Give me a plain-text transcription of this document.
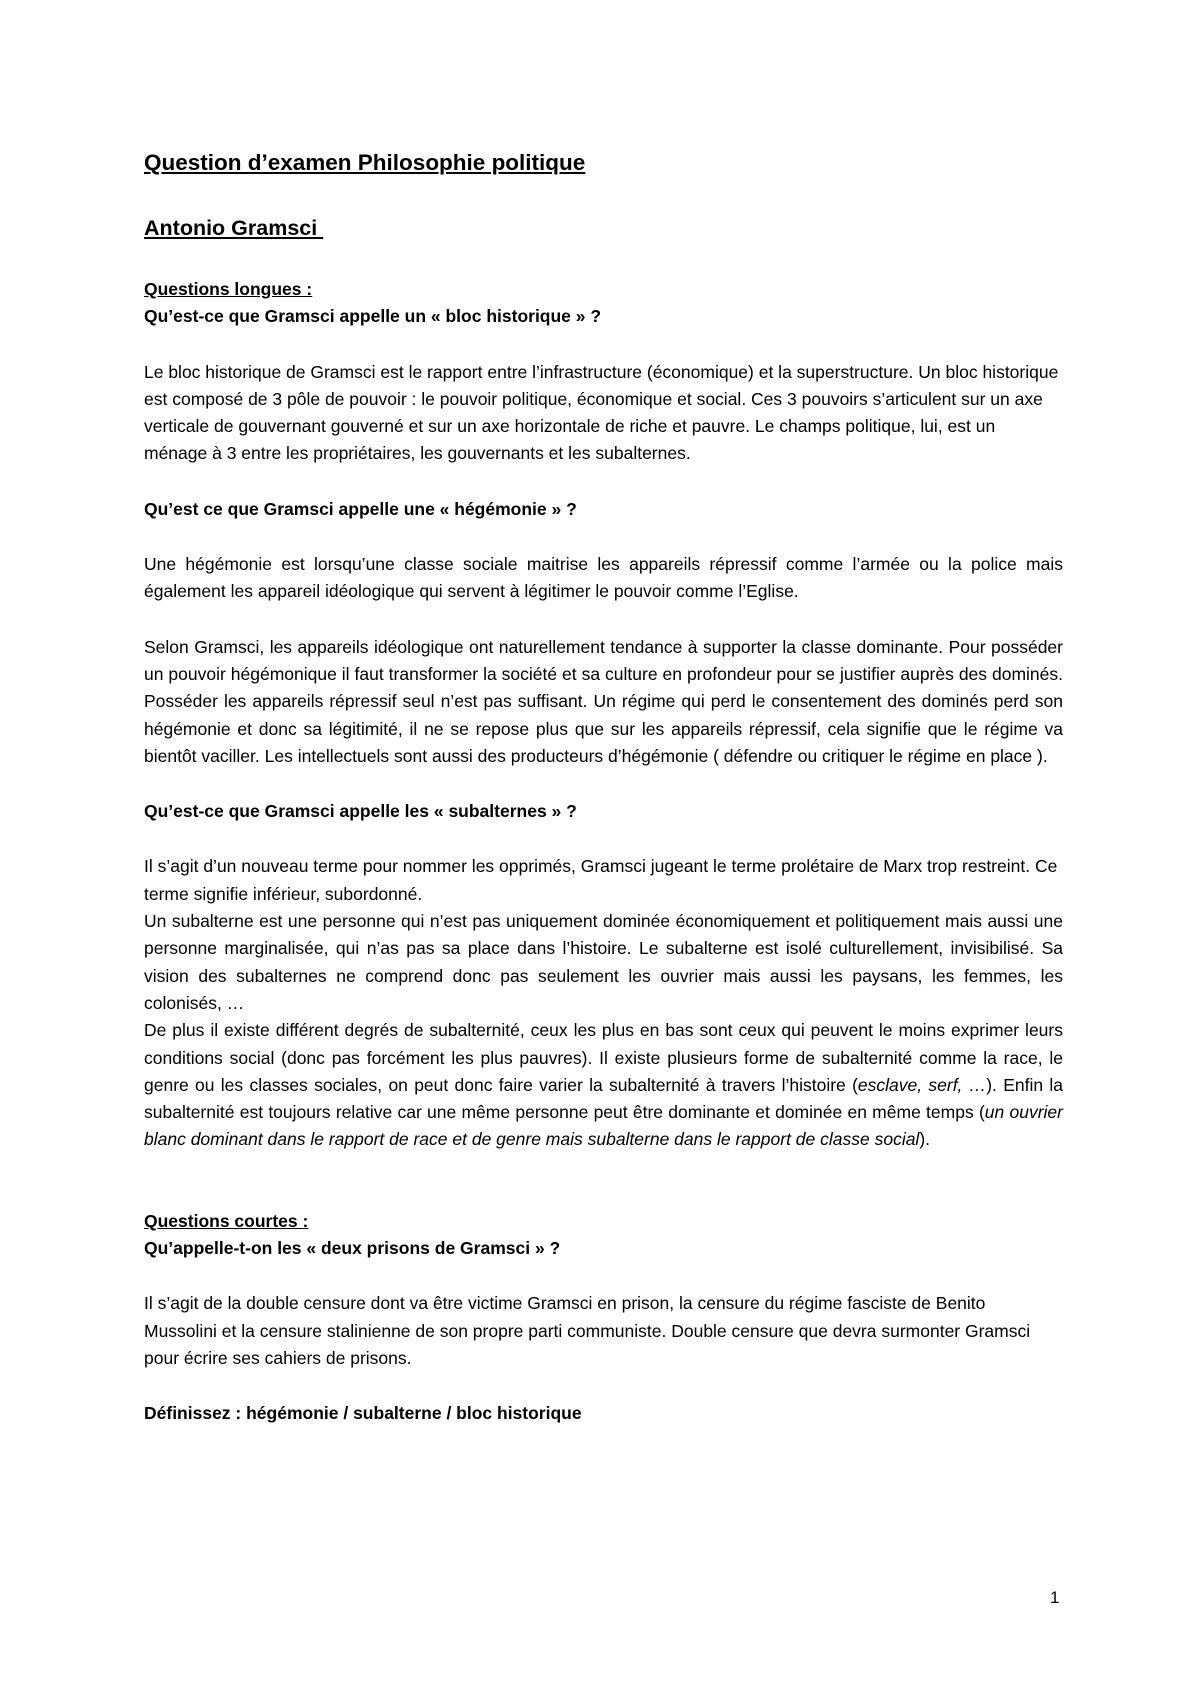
Question d’examen Philosophie politique
Antonio Gramsci

Questions longues :

Qu’est-ce que Gramsci appelle un « bloc historique » ?

Le bloc historique de Gramsci est le rapport entre l’infrastructure (économique) et la superstructure. Un bloc historique est composé de 3 pôle de pouvoir : le pouvoir politique, économique et social. Ces 3 pouvoirs s’articulent sur un axe verticale de gouvernant gouverné et sur un axe horizontale de riche et pauvre. Le champs politique, lui, est un ménage à 3 entre les propriétaires, les gouvernants et les subalternes.

Qu’est ce que Gramsci appelle une « hégémonie » ?

Une hégémonie est lorsqu’une classe sociale maitrise les appareils répressif comme l’armée ou la police mais également les appareil idéologique qui servent à légitimer le pouvoir comme l’Eglise.

Selon Gramsci, les appareils idéologique ont naturellement tendance à supporter la classe dominante. Pour posséder un pouvoir hégémonique il faut transformer la société et sa culture en profondeur pour se justifier auprès des dominés. Posséder les appareils répressif seul n’est pas suffisant. Un régime qui perd le consentement des dominés perd son hégémonie et donc sa légitimité, il ne se repose plus que sur les appareils répressif, cela signifie que le régime va bientôt vaciller. Les intellectuels sont aussi des producteurs d’hégémonie ( défendre ou critiquer le régime en place ).

Qu’est-ce que Gramsci appelle les « subalternes » ?

Il s’agit d’un nouveau terme pour nommer les opprimés, Gramsci jugeant le terme prolétaire de Marx trop restreint. Ce terme signifie inférieur, subordonné.

Un subalterne est une personne qui n’est pas uniquement dominée économiquement et politiquement mais aussi une personne marginalisée, qui n’as pas sa place dans l’histoire. Le subalterne est isolé culturellement, invisibilisé. Sa vision des subalternes ne comprend donc pas seulement les ouvrier mais aussi les paysans, les femmes, les colonisés, …

De plus il existe différent degrés de subalternité, ceux les plus en bas sont ceux qui peuvent le moins exprimer leurs conditions social (donc pas forcément les plus pauvres). Il existe plusieurs forme de subalternité comme la race, le genre ou les classes sociales, on peut donc faire varier la subalternité à travers l’histoire (esclave, serf, …). Enfin la subalternité est toujours relative car une même personne peut être dominante et dominée en même temps (un ouvrier blanc dominant dans le rapport de race et de genre mais subalterne dans le rapport de classe social).

Questions courtes :

Qu’appelle-t-on les « deux prisons de Gramsci » ?

Il s’agit de la double censure dont va être victime Gramsci en prison, la censure du régime fasciste de Benito Mussolini et la censure stalinienne de son propre parti communiste. Double censure que devra surmonter Gramsci pour écrire ses cahiers de prisons.

Définissez : hégémonie / subalterne / bloc historique

1
